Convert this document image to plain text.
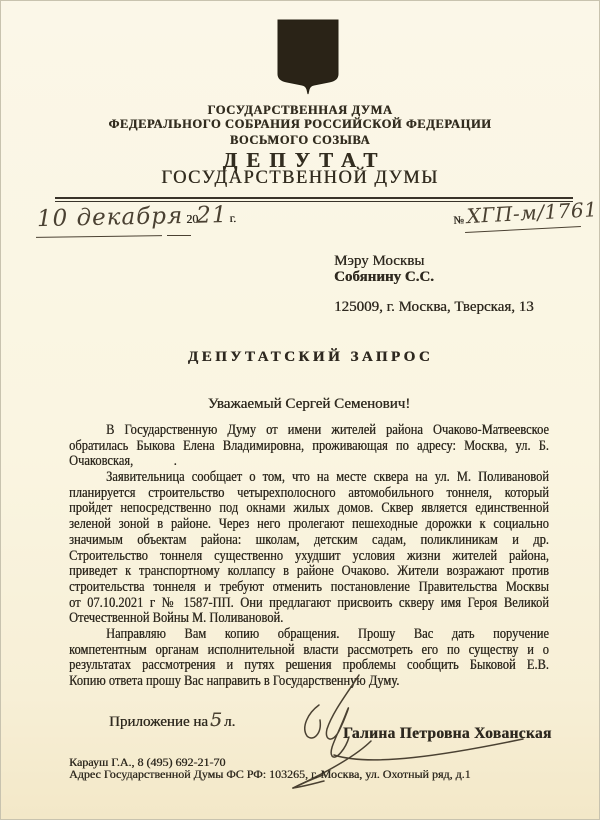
ГОСУДАРСТВЕННАЯ ДУМА
ФЕДЕРАЛЬНОГО СОБРАНИЯ РОССИЙСКОЙ ФЕДЕРАЦИИ
ВОСЬМОГО СОЗЫВА
ДЕПУТАТ
ГОСУДАРСТВЕННОЙ ДУМЫ
10 декабря 20
21 г.	№ ХГП-м/1761
Мэру Москвы
Собянину С.С.
125009, г. Москва, Тверская, 13
ДЕПУТАТСКИЙ ЗАПРОС
Уважаемый Сергей Семенович!
В Государственную Думу от имени жителей района Очаково-Матвеевское
обратилась Быкова Елена Владимировна, проживающая по адресу: Москва, ул. Б.
Очаковская,             .
Заявительница сообщает о том, что на месте сквера на ул. М. Поливановой
планируется строительство четырехполосного автомобильного тоннеля, который
пройдет непосредственно под окнами жилых домов. Сквер является единственной
зеленой зоной в районе. Через него пролегают пешеходные дорожки к социально
значимым объектам района: школам, детским садам, поликлиникам и др.
Строительство тоннеля существенно ухудшит условия жизни жителей района,
приведет к транспортному коллапсу в районе Очаково. Жители возражают против
строительства тоннеля и требуют отменить постановление Правительства Москвы
от 07.10.2021 г № 1587-ПП. Они предлагают присвоить скверу имя Героя Великой
Отечественной Войны М. Поливановой.
Направляю Вам копию обращения. Прошу Вас дать поручение
компетентным органам исполнительной власти рассмотреть его по существу и о
результатах рассмотрения и путях решения проблемы сообщить Быковой Е.В.
Копию ответа прошу Вас направить в Государственную Думу.
Приложение на 5 л.
Галина Петровна Хованская
Карауш Г.А., 8 (495) 692-21-70
Адрес Государственной Думы ФС РФ: 103265, г. Москва, ул. Охотный ряд, д.1
